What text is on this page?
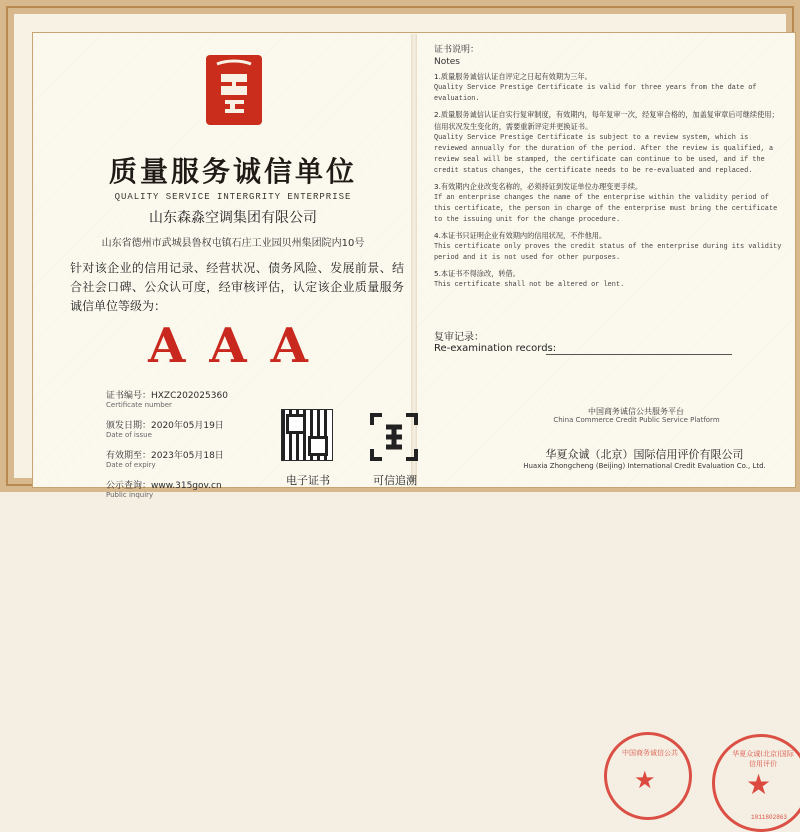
质量服务诚信单位
QUALITY SERVICE INTERGRITY ENTERPRISE
山东森淼空调集团有限公司
山东省德州市武城县鲁权屯镇石庄工业园贝州集团院内10号
针对该企业的信用记录、经营状况、债务风险、发展前景、结合社会口碑、公众认可度，经审核评估，认定该企业质量服务诚信单位等级为：
AAA
证书编号：HXZC202025360
Certificate number
颁发日期：2020年05月19日
Date of issue
有效期至：2023年05月18日
Date of expiry
公示查询：www.315gov.cn
Public inquiry
电子证书	可信追溯
证书说明：
Notes
1.质量服务诚信认证自评定之日起有效期为三年。
Quality Service Prestige Certificate is valid for three years from the date of evaluation.
2.质量服务诚信认证自实行复审制度，有效期内，每年复审一次，经复审合格的，加盖复审章后可继续使用；信用状况发生变化的，需要重新评定并更换证书。
Quality Service Prestige Certificate is subject to a review system, which is reviewed annually for the duration of the period. After the review is qualified, a review seal will be stamped, the certificate can continue to be used, and if the credit status changes, the certificate needs to be re-evaluated and replaced.
3.有效期内企业改变名称的，必须持证到发证单位办理变更手续。
If an enterprise changes the name of the enterprise within the validity period of this certificate, the person in charge of the enterprise must bring the certificate to the issuing unit for the change procedure.
4.本证书只证明企业有效期内的信用状况，不作他用。
This certificate only proves the credit status of the enterprise during its validity period and it is not used for other purposes.
5.本证书不得涂改，转借。
This certificate shall not be altered or lent.
复审记录：
Re-examination records:
★	★
中国商务诚信公共	华夏众诚(北京)国际信用评价
1011802863
中国商务诚信公共服务平台
China Commerce Credit Public Service Platform
华夏众诚（北京）国际信用评价有限公司
Huaxia Zhongcheng (Beijing) International Credit Evaluation Co., Ltd.
